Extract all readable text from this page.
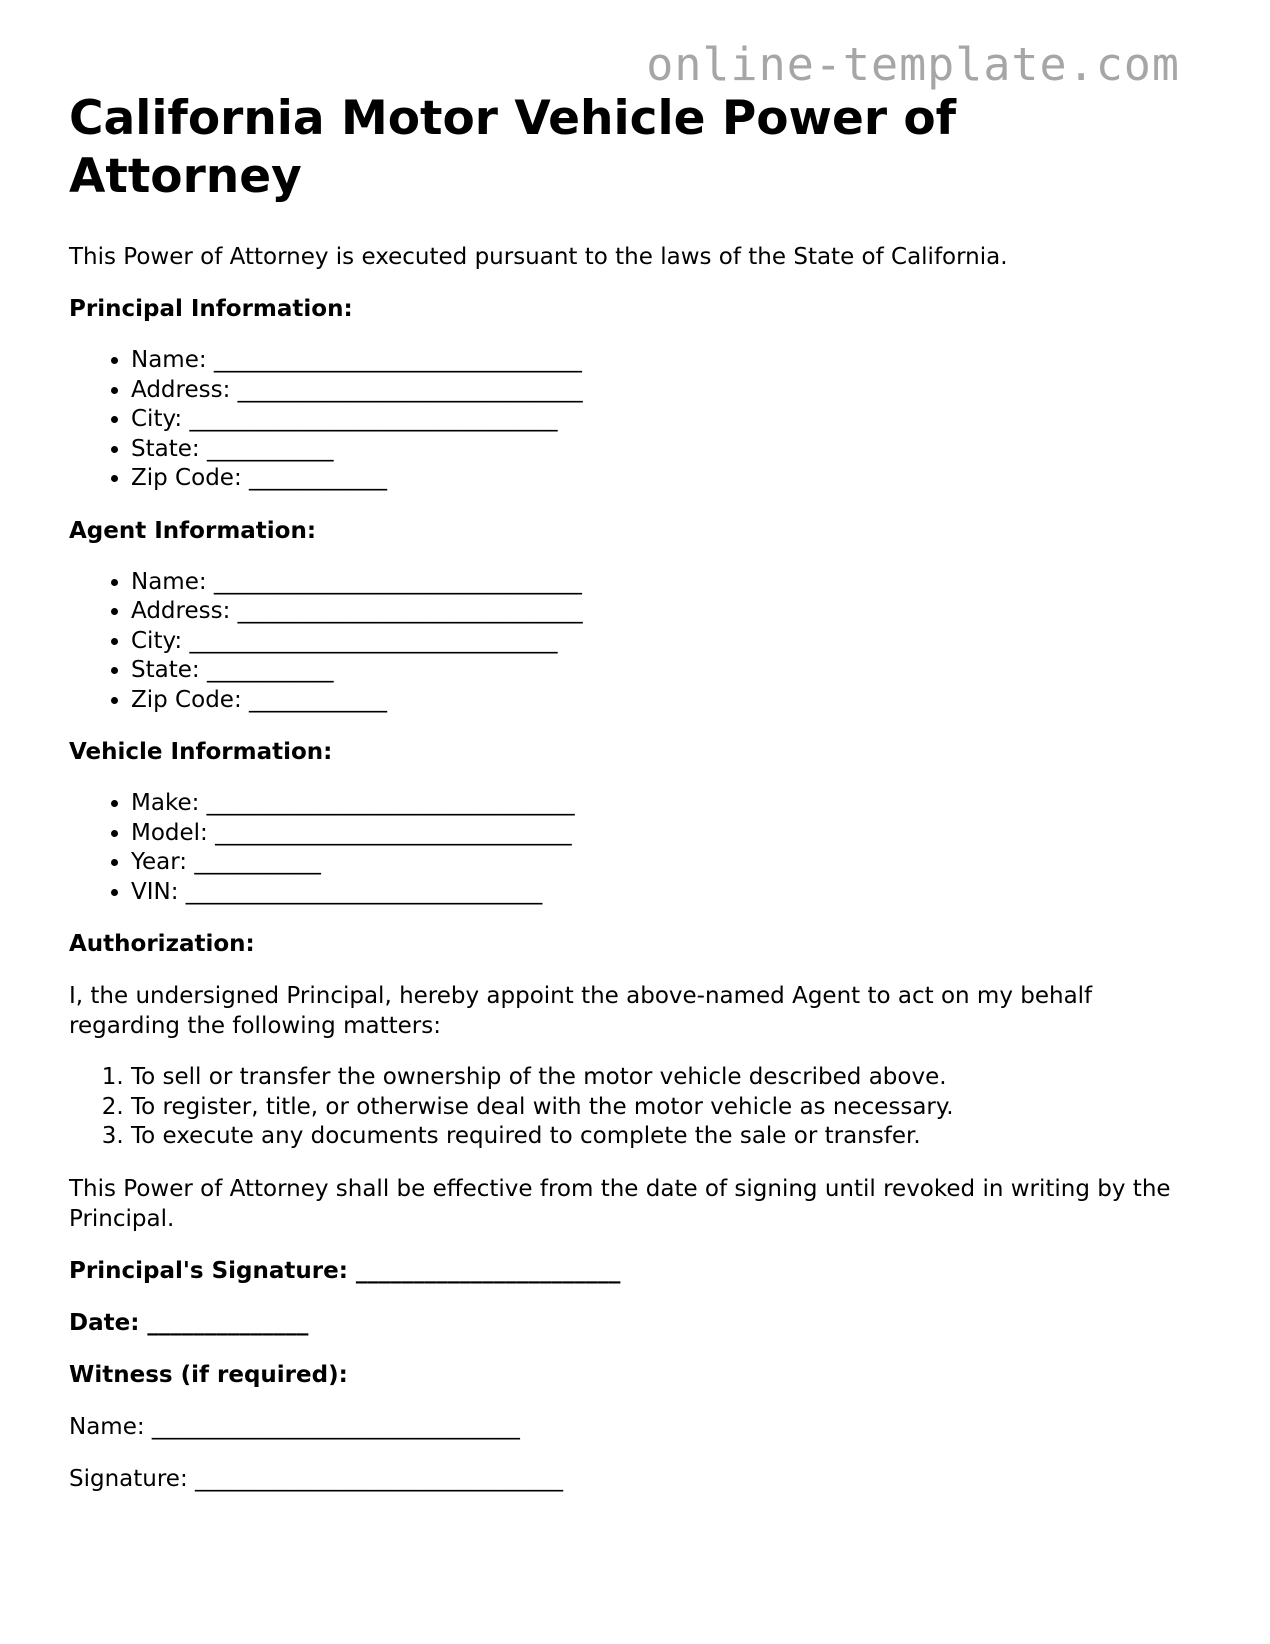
online-template.com
California Motor Vehicle Power of Attorney

This Power of Attorney is executed pursuant to the laws of the State of California.

Principal Information:

• Name: ________________________________
• Address: ______________________________
• City: ________________________________
• State: ___________
• Zip Code: ____________

Agent Information:

• Name: ________________________________
• Address: ______________________________
• City: ________________________________
• State: ___________
• Zip Code: ____________

Vehicle Information:

• Make: ________________________________
• Model: _______________________________
• Year: ___________
• VIN: _______________________________

Authorization:

I, the undersigned Principal, hereby appoint the above-named Agent to act on my behalf regarding the following matters:

1. To sell or transfer the ownership of the motor vehicle described above.
2. To register, title, or otherwise deal with the motor vehicle as necessary.
3. To execute any documents required to complete the sale or transfer.

This Power of Attorney shall be effective from the date of signing until revoked in writing by the Principal.

Principal's Signature: _______________________

Date: ______________

Witness (if required):

Name: ________________________________

Signature: ________________________________
